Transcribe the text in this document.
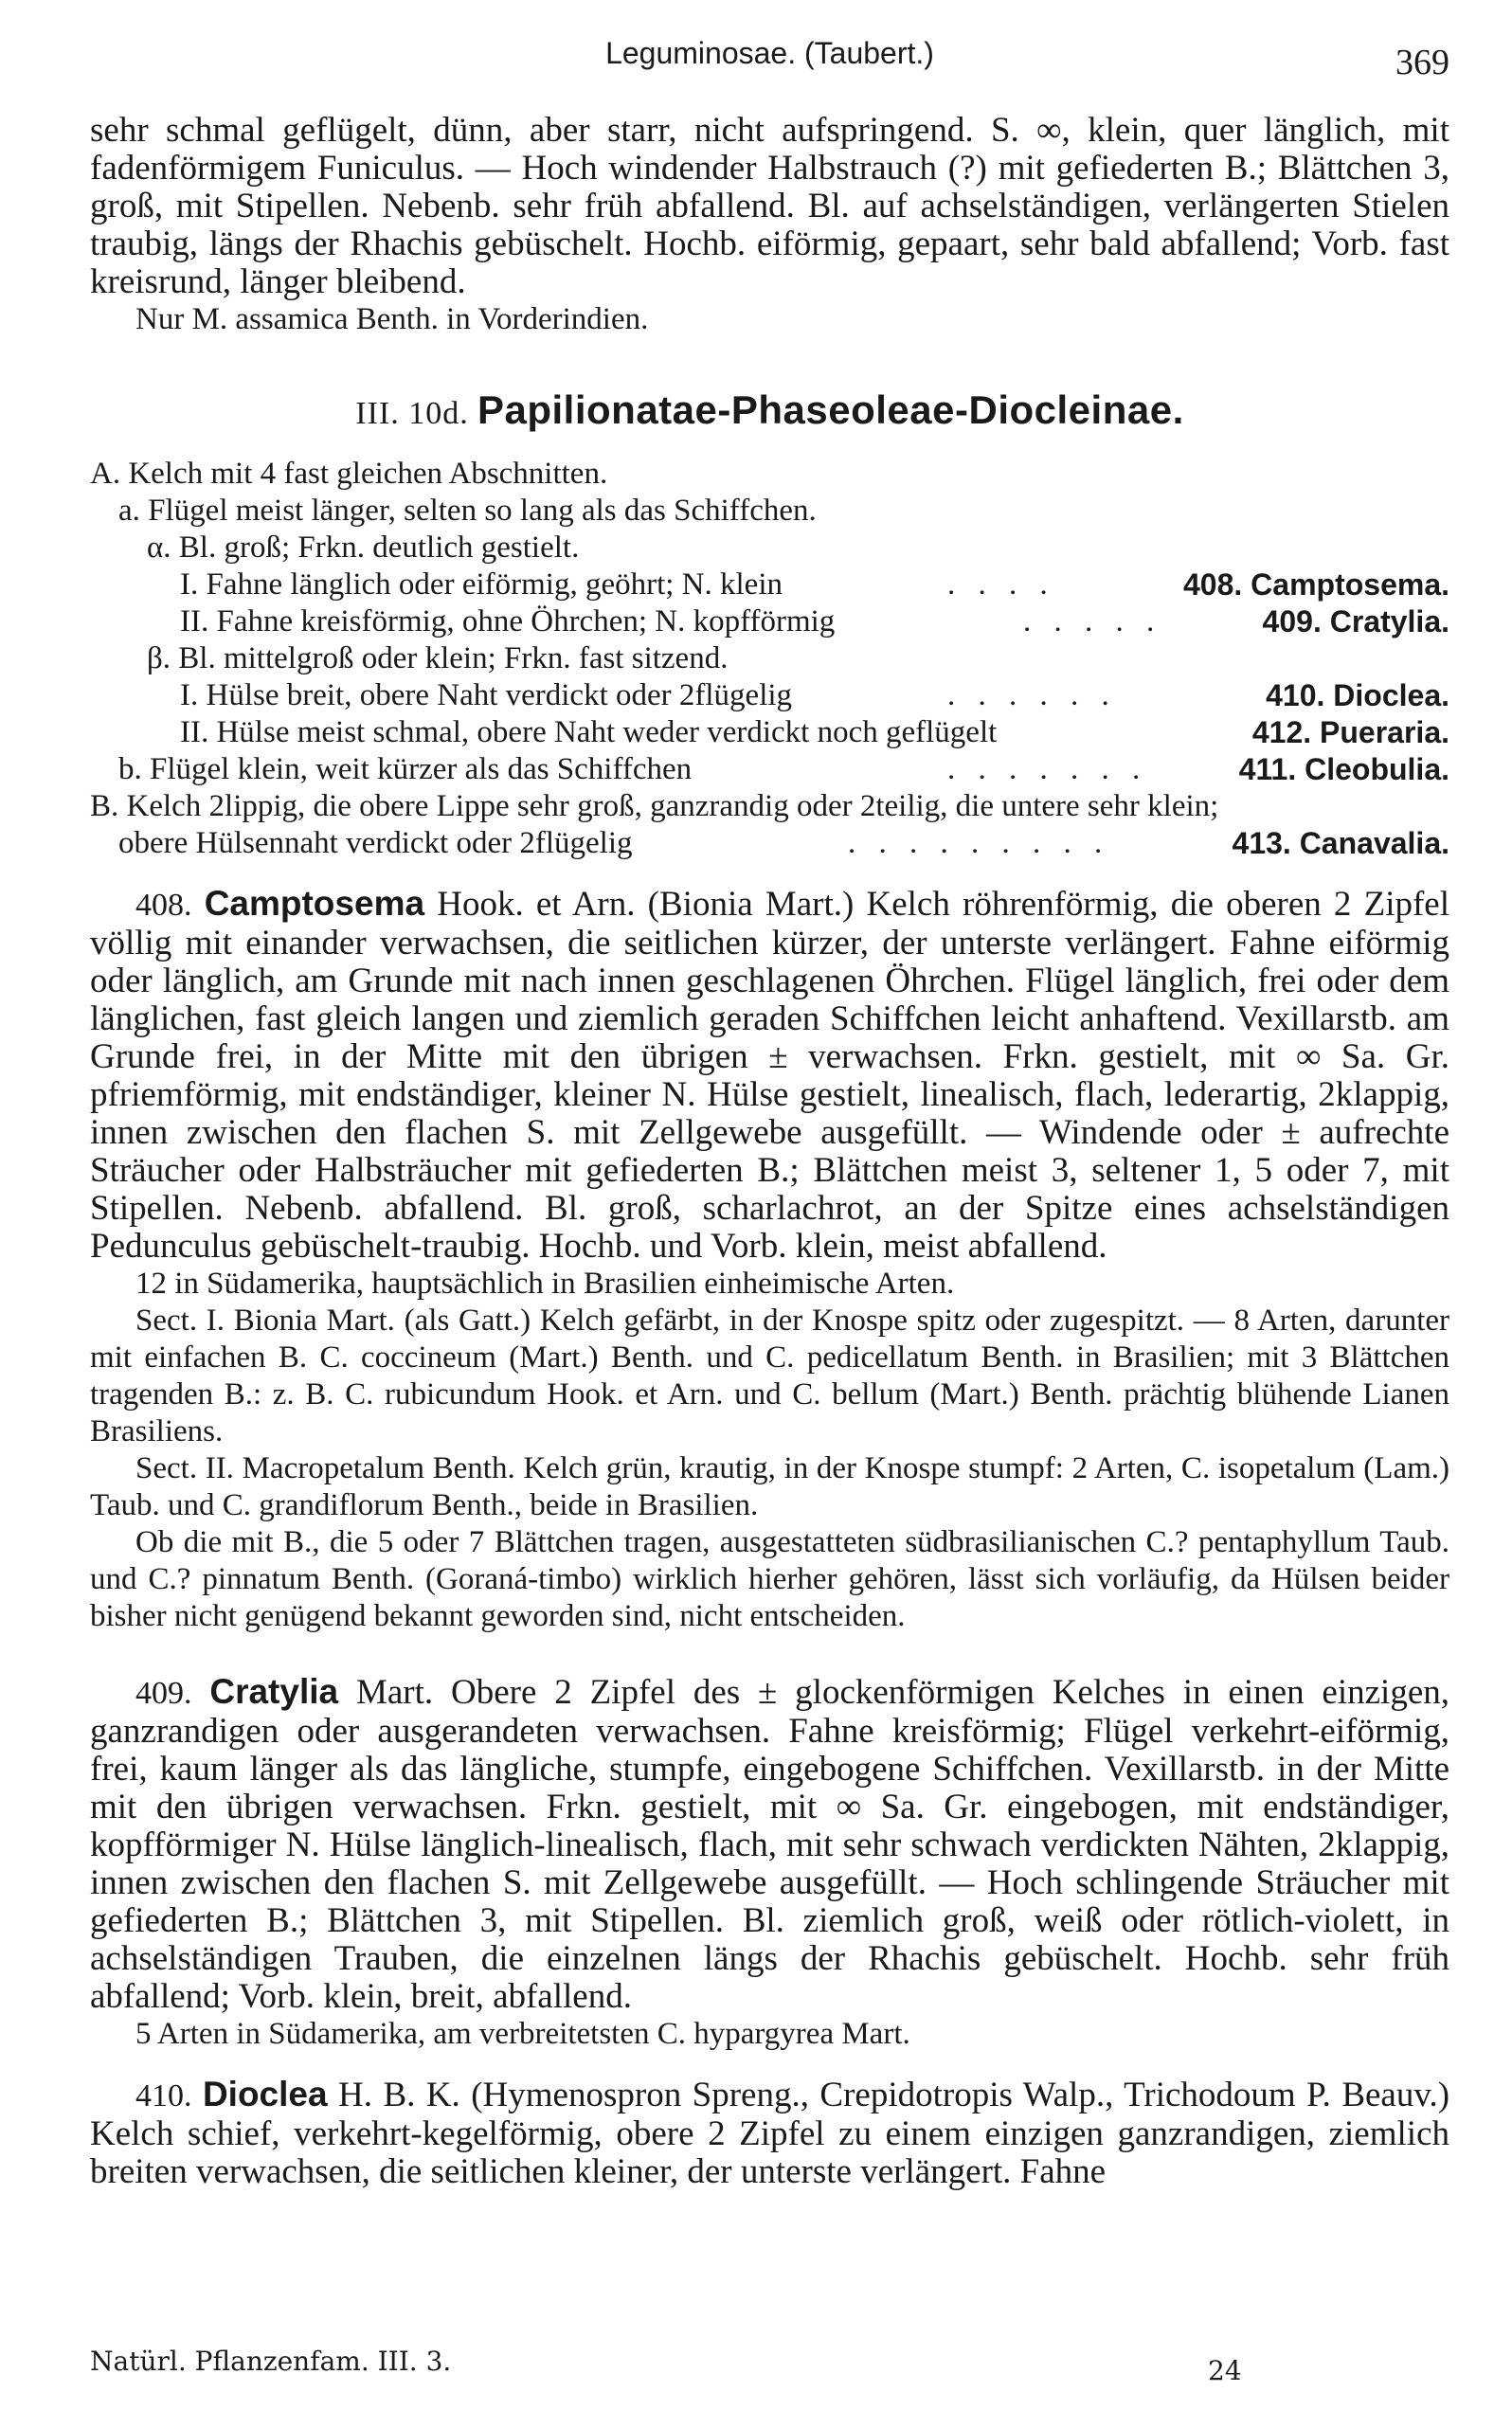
Leguminosae. (Taubert.)	369

sehr schmal geflügelt, dünn, aber starr, nicht aufspringend. S. ∞, klein, quer länglich, mit fadenförmigem Funiculus. — Hoch windender Halbstrauch (?) mit gefiederten B.; Blättchen 3, groß, mit Stipellen. Nebenb. sehr früh abfallend. Bl. auf achselständigen, verlängerten Stielen traubig, längs der Rhachis gebüschelt. Hochb. eiförmig, gepaart, sehr bald abfallend; Vorb. fast kreisrund, länger bleibend.

Nur M. assamica Benth. in Vorderindien.

III. 10d. Papilionatae-Phaseoleae-Diocleinae.

A. Kelch mit 4 fast gleichen Abschnitten.
a. Flügel meist länger, selten so lang als das Schiffchen.
α. Bl. groß; Frkn. deutlich gestielt.
I. Fahne länglich oder eiförmig, geöhrt; N. klein	. . . .	408. Camptosema.
II. Fahne kreisförmig, ohne Öhrchen; N. kopfförmig	. . . . .	409. Cratylia.
β. Bl. mittelgroß oder klein; Frkn. fast sitzend.
I. Hülse breit, obere Naht verdickt oder 2flügelig	. . . . . .	410. Dioclea.
II. Hülse meist schmal, obere Naht weder verdickt noch geflügelt	412. Pueraria.
b. Flügel klein, weit kürzer als das Schiffchen	. . . . . . .	411. Cleobulia.
B. Kelch 2lippig, die obere Lippe sehr groß, ganzrandig oder 2teilig, die untere sehr klein;
obere Hülsennaht verdickt oder 2flügelig	. . . . . . . . .	413. Canavalia.

408. Camptosema Hook. et Arn. (Bionia Mart.) Kelch röhrenförmig, die oberen 2 Zipfel völlig mit einander verwachsen, die seitlichen kürzer, der unterste verlängert. Fahne eiförmig oder länglich, am Grunde mit nach innen geschlagenen Öhrchen. Flügel länglich, frei oder dem länglichen, fast gleich langen und ziemlich geraden Schiffchen leicht anhaftend. Vexillarstb. am Grunde frei, in der Mitte mit den übrigen ± verwachsen. Frkn. gestielt, mit ∞ Sa. Gr. pfriemförmig, mit endständiger, kleiner N. Hülse gestielt, linealisch, flach, lederartig, 2klappig, innen zwischen den flachen S. mit Zellgewebe ausgefüllt. — Windende oder ± aufrechte Sträucher oder Halbsträucher mit gefiederten B.; Blättchen meist 3, seltener 1, 5 oder 7, mit Stipellen. Nebenb. abfallend. Bl. groß, scharlachrot, an der Spitze eines achselständigen Pedunculus gebüschelt-traubig. Hochb. und Vorb. klein, meist abfallend.

12 in Südamerika, hauptsächlich in Brasilien einheimische Arten.

Sect. I. Bionia Mart. (als Gatt.) Kelch gefärbt, in der Knospe spitz oder zugespitzt. — 8 Arten, darunter mit einfachen B. C. coccineum (Mart.) Benth. und C. pedicellatum Benth. in Brasilien; mit 3 Blättchen tragenden B.: z. B. C. rubicundum Hook. et Arn. und C. bellum (Mart.) Benth. prächtig blühende Lianen Brasiliens.

Sect. II. Macropetalum Benth. Kelch grün, krautig, in der Knospe stumpf: 2 Arten, C. isopetalum (Lam.) Taub. und C. grandiflorum Benth., beide in Brasilien.

Ob die mit B., die 5 oder 7 Blättchen tragen, ausgestatteten südbrasilianischen C.? pentaphyllum Taub. und C.? pinnatum Benth. (Goraná-timbo) wirklich hierher gehören, lässt sich vorläufig, da Hülsen beider bisher nicht genügend bekannt geworden sind, nicht entscheiden.

409. Cratylia Mart. Obere 2 Zipfel des ± glockenförmigen Kelches in einen einzigen, ganzrandigen oder ausgerandeten verwachsen. Fahne kreisförmig; Flügel verkehrt-eiförmig, frei, kaum länger als das längliche, stumpfe, eingebogene Schiffchen. Vexillarstb. in der Mitte mit den übrigen verwachsen. Frkn. gestielt, mit ∞ Sa. Gr. eingebogen, mit endständiger, kopfförmiger N. Hülse länglich-linealisch, flach, mit sehr schwach verdickten Nähten, 2klappig, innen zwischen den flachen S. mit Zellgewebe ausgefüllt. — Hoch schlingende Sträucher mit gefiederten B.; Blättchen 3, mit Stipellen. Bl. ziemlich groß, weiß oder rötlich-violett, in achselständigen Trauben, die einzelnen längs der Rhachis gebüschelt. Hochb. sehr früh abfallend; Vorb. klein, breit, abfallend.

5 Arten in Südamerika, am verbreitetsten C. hypargyrea Mart.

410. Dioclea H. B. K. (Hymenospron Spreng., Crepidotropis Walp., Trichodoum P. Beauv.) Kelch schief, verkehrt-kegelförmig, obere 2 Zipfel zu einem einzigen ganzrandigen, ziemlich breiten verwachsen, die seitlichen kleiner, der unterste verlängert. Fahne

Natürl. Pflanzenfam. III. 3.	24
